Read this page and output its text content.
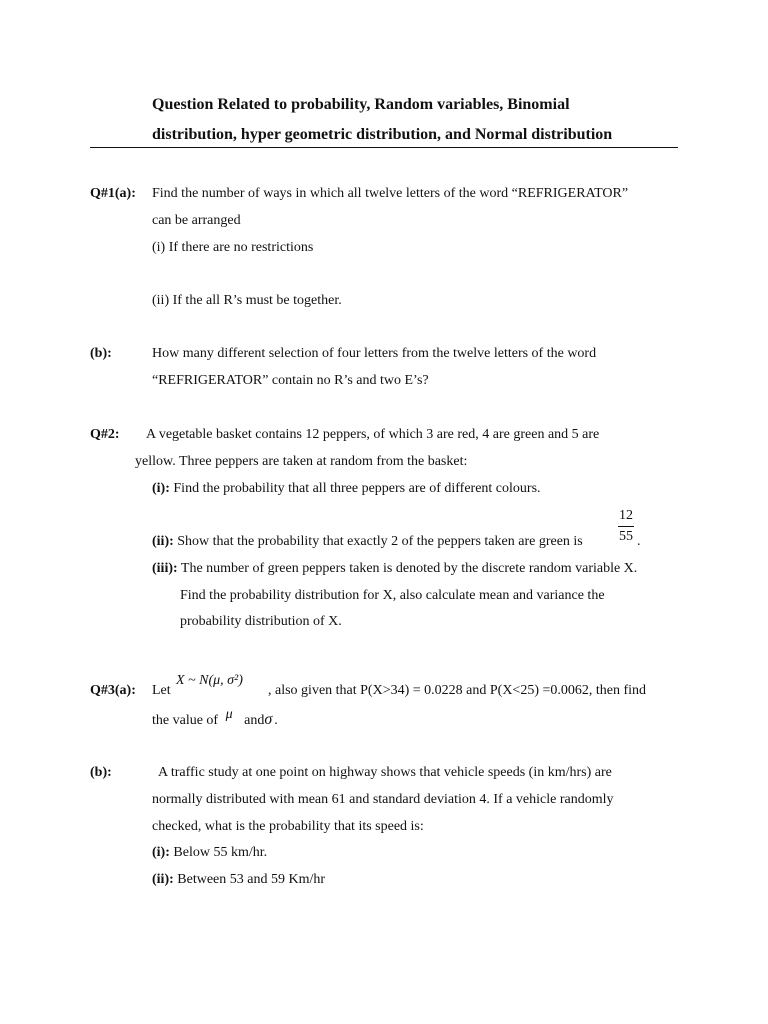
Question Related to probability, Random variables, Binomial
distribution, hyper geometric distribution, and Normal distribution
Q#1(a): Find the number of ways in which all twelve letters of the word “REFRIGERATOR”
can be arranged
(i) If there are no restrictions
(ii) If the all R’s must be together.
(b):	How many different selection of four letters from the twelve letters of the word
“REFRIGERATOR” contain no R’s and two E’s?
Q#2: A vegetable basket contains 12 peppers, of which 3 are red, 4 are green and 5 are
yellow. Three peppers are taken at random from the basket:
(i): Find the probability that all three peppers are of different colours.
(ii): Show that the probability that exactly 2 of the peppers taken are green is
12
55 .
(iii): The number of green peppers taken is denoted by the discrete random variable X.
Find the probability distribution for X, also calculate mean and variance the
probability distribution of X.
Q#3(a): Let
X ~ N(μ, σ²)
, also given that P(X>34) = 0.0228 and P(X<25) =0.0062, then find
the value of μ andσ .
(b):	A traffic study at one point on highway shows that vehicle speeds (in km/hrs) are
normally distributed with mean 61 and standard deviation 4. If a vehicle randomly
checked, what is the probability that its speed is:
(i): Below 55 km/hr.
(ii): Between 53 and 59 Km/hr
